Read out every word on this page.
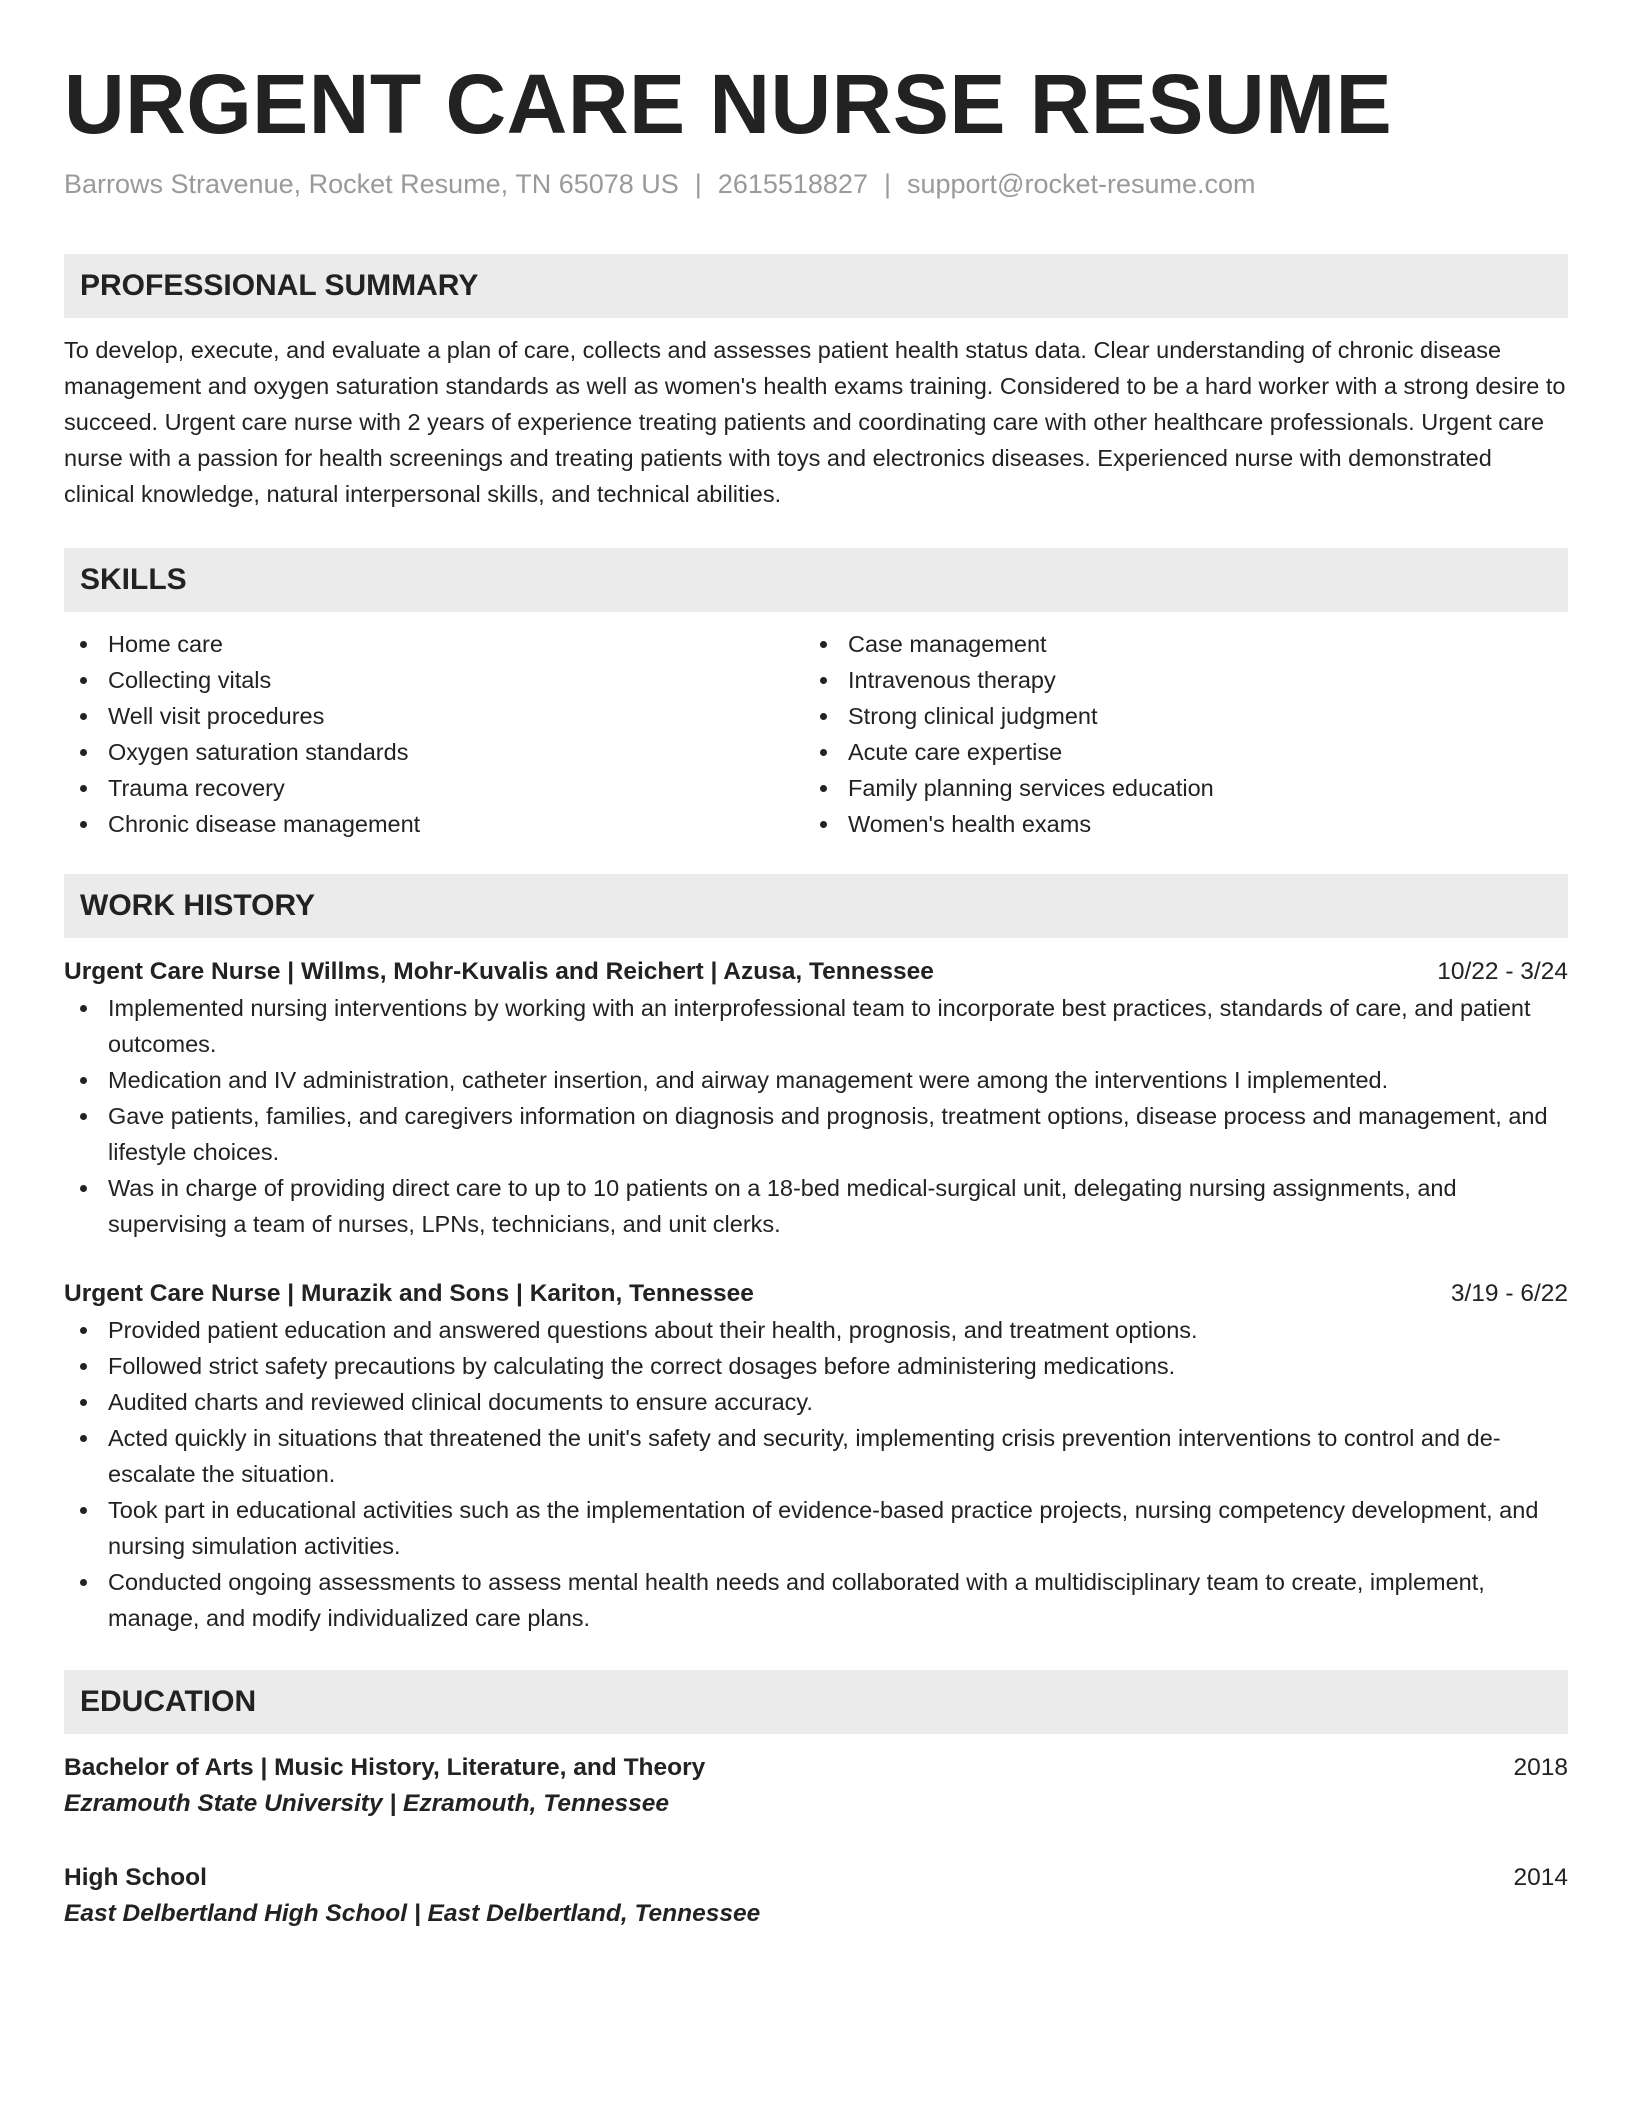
URGENT CARE NURSE RESUME
Barrows Stravenue, Rocket Resume, TN 65078 US | 2615518827 | support@rocket-resume.com
PROFESSIONAL SUMMARY

To develop, execute, and evaluate a plan of care, collects and assesses patient health status data. Clear understanding of chronic disease management and oxygen saturation standards as well as women's health exams training. Considered to be a hard worker with a strong desire to succeed. Urgent care nurse with 2 years of experience treating patients and coordinating care with other healthcare professionals. Urgent care nurse with a passion for health screenings and treating patients with toys and electronics diseases. Experienced nurse with demonstrated clinical knowledge, natural interpersonal skills, and technical abilities.

SKILLS
Home care
Collecting vitals
Well visit procedures
Oxygen saturation standards
Trauma recovery
Chronic disease management
Case management
Intravenous therapy
Strong clinical judgment
Acute care expertise
Family planning services education
Women's health exams
WORK HISTORY
Urgent Care Nurse | Willms, Mohr-Kuvalis and Reichert | Azusa, Tennessee	10/22 - 3/24
Implemented nursing interventions by working with an interprofessional team to incorporate best practices, standards of care, and patient outcomes.
Medication and IV administration, catheter insertion, and airway management were among the interventions I implemented.
Gave patients, families, and caregivers information on diagnosis and prognosis, treatment options, disease process and management, and lifestyle choices.
Was in charge of providing direct care to up to 10 patients on a 18-bed medical-surgical unit, delegating nursing assignments, and supervising a team of nurses, LPNs, technicians, and unit clerks.
Urgent Care Nurse | Murazik and Sons | Kariton, Tennessee	3/19 - 6/22
Provided patient education and answered questions about their health, prognosis, and treatment options.
Followed strict safety precautions by calculating the correct dosages before administering medications.
Audited charts and reviewed clinical documents to ensure accuracy.
Acted quickly in situations that threatened the unit's safety and security, implementing crisis prevention interventions to control and de-escalate the situation.
Took part in educational activities such as the implementation of evidence-based practice projects, nursing competency development, and nursing simulation activities.
Conducted ongoing assessments to assess mental health needs and collaborated with a multidisciplinary team to create, implement, manage, and modify individualized care plans.
EDUCATION
Bachelor of Arts | Music History, Literature, and Theory	2018
Ezramouth State University | Ezramouth, Tennessee
High School	2014
East Delbertland High School | East Delbertland, Tennessee
